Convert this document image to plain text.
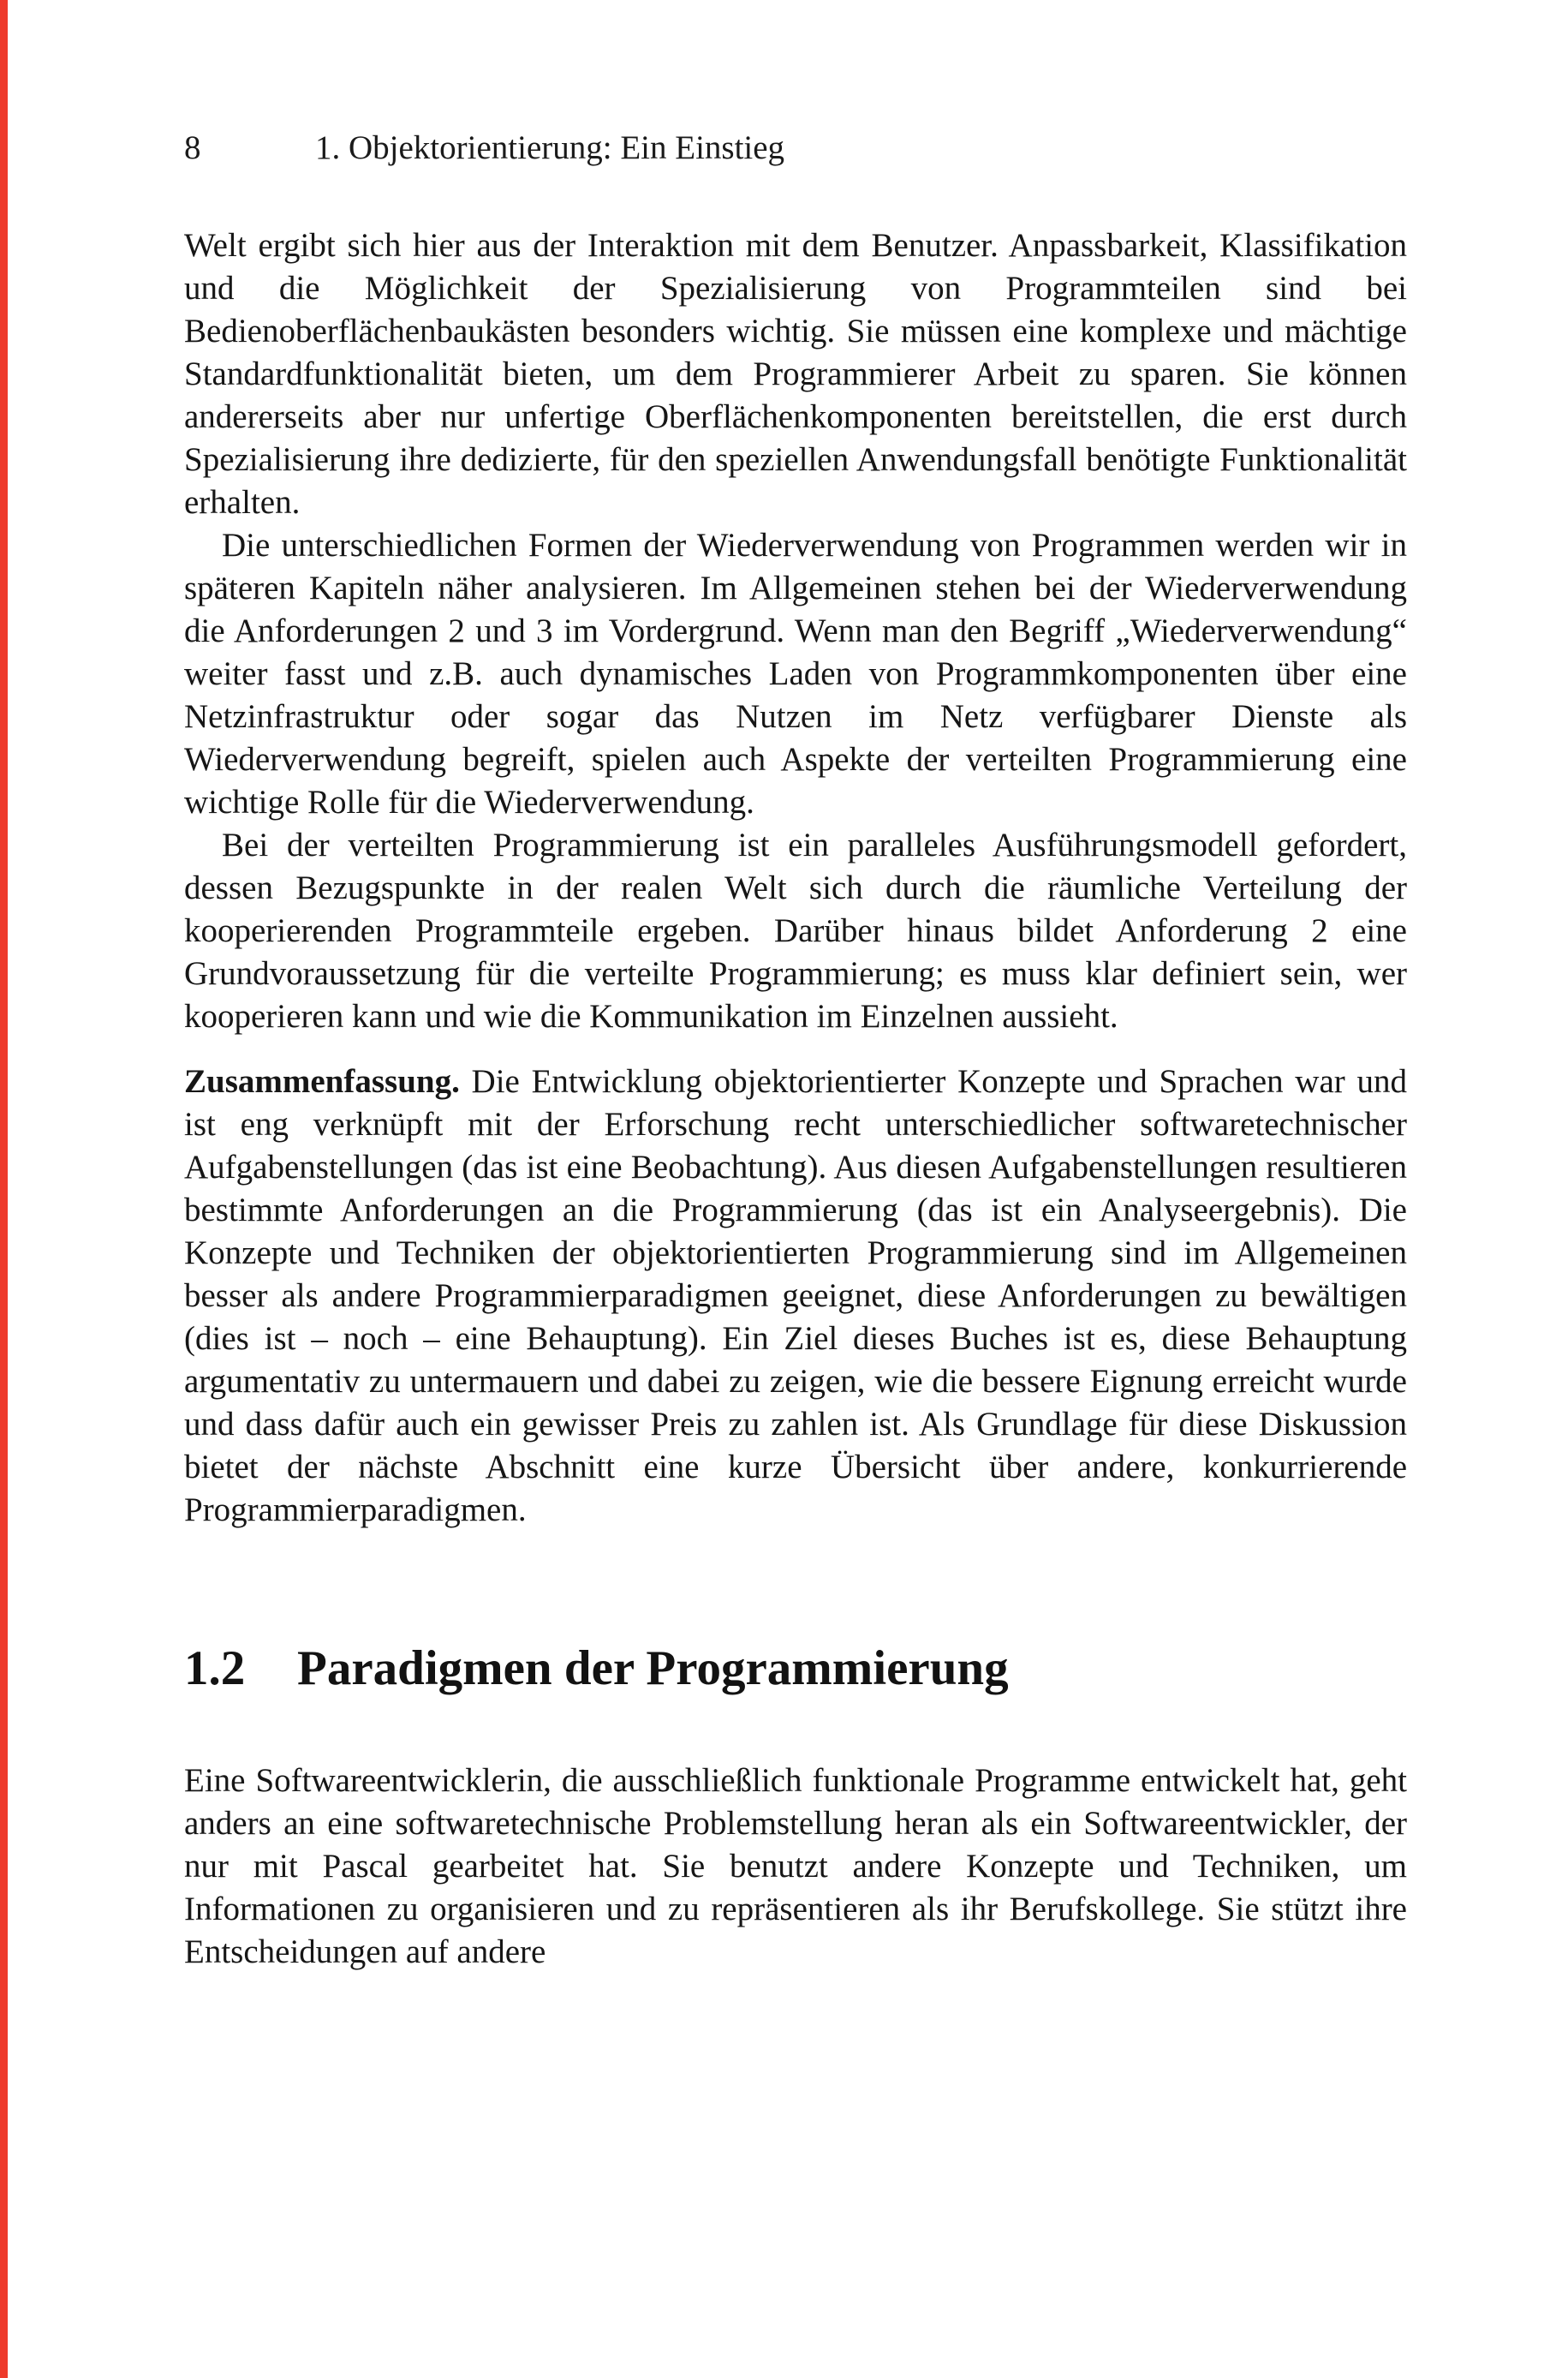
8	1. Objektorientierung: Ein Einstieg

Welt ergibt sich hier aus der Interaktion mit dem Benutzer. Anpassbarkeit, Klassifikation und die Möglichkeit der Spezialisierung von Programmteilen sind bei Bedienoberflächenbaukästen besonders wichtig. Sie müssen eine komplexe und mächtige Standardfunktionalität bieten, um dem Programmierer Arbeit zu sparen. Sie können andererseits aber nur unfertige Oberflächenkomponenten bereitstellen, die erst durch Spezialisierung ihre dedizierte, für den speziellen Anwendungsfall benötigte Funktionalität erhalten.

Die unterschiedlichen Formen der Wiederverwendung von Programmen werden wir in späteren Kapiteln näher analysieren. Im Allgemeinen stehen bei der Wiederverwendung die Anforderungen 2 und 3 im Vordergrund. Wenn man den Begriff „Wiederverwendung“ weiter fasst und z.B. auch dynamisches Laden von Programmkomponenten über eine Netzinfrastruktur oder sogar das Nutzen im Netz verfügbarer Dienste als Wiederverwendung begreift, spielen auch Aspekte der verteilten Programmierung eine wichtige Rolle für die Wiederverwendung.

Bei der verteilten Programmierung ist ein paralleles Ausführungsmodell gefordert, dessen Bezugspunkte in der realen Welt sich durch die räumliche Verteilung der kooperierenden Programmteile ergeben. Darüber hinaus bildet Anforderung 2 eine Grundvoraussetzung für die verteilte Programmierung; es muss klar definiert sein, wer kooperieren kann und wie die Kommunikation im Einzelnen aussieht.

Zusammenfassung. Die Entwicklung objektorientierter Konzepte und Sprachen war und ist eng verknüpft mit der Erforschung recht unterschiedlicher softwaretechnischer Aufgabenstellungen (das ist eine Beobachtung). Aus diesen Aufgabenstellungen resultieren bestimmte Anforderungen an die Programmierung (das ist ein Analyseergebnis). Die Konzepte und Techniken der objektorientierten Programmierung sind im Allgemeinen besser als andere Programmierparadigmen geeignet, diese Anforderungen zu bewältigen (dies ist – noch – eine Behauptung). Ein Ziel dieses Buches ist es, diese Behauptung argumentativ zu untermauern und dabei zu zeigen, wie die bessere Eignung erreicht wurde und dass dafür auch ein gewisser Preis zu zahlen ist. Als Grundlage für diese Diskussion bietet der nächste Abschnitt eine kurze Übersicht über andere, konkurrierende Programmierparadigmen.

1.2	Paradigmen der Programmierung

Eine Softwareentwicklerin, die ausschließlich funktionale Programme entwickelt hat, geht anders an eine softwaretechnische Problemstellung heran als ein Softwareentwickler, der nur mit Pascal gearbeitet hat. Sie benutzt andere Konzepte und Techniken, um Informationen zu organisieren und zu repräsentieren als ihr Berufskollege. Sie stützt ihre Entscheidungen auf andere
